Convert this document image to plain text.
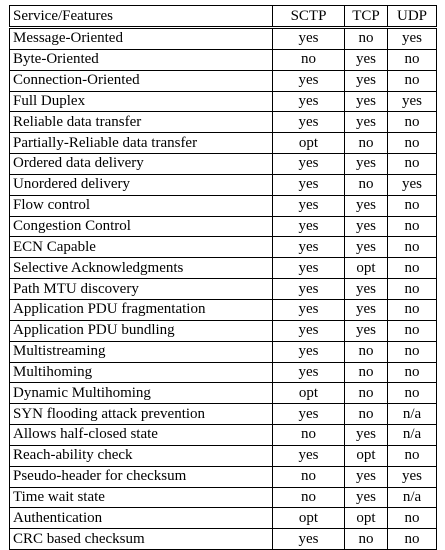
Service/Features	SCTP	TCP	UDP
Message-Oriented	yes	no	yes
Byte-Oriented	no	yes	no
Connection-Oriented	yes	yes	no
Full Duplex	yes	yes	yes
Reliable data transfer	yes	yes	no
Partially-Reliable data transfer	opt	no	no
Ordered data delivery	yes	yes	no
Unordered delivery	yes	no	yes
Flow control	yes	yes	no
Congestion Control	yes	yes	no
ECN Capable	yes	yes	no
Selective Acknowledgments	yes	opt	no
Path MTU discovery	yes	yes	no
Application PDU fragmentation	yes	yes	no
Application PDU bundling	yes	yes	no
Multistreaming	yes	no	no
Multihoming	yes	no	no
Dynamic Multihoming	opt	no	no
SYN flooding attack prevention	yes	no	n/a
Allows half-closed state	no	yes	n/a
Reach-ability check	yes	opt	no
Pseudo-header for checksum	no	yes	yes
Time wait state	no	yes	n/a
Authentication	opt	opt	no
CRC based checksum	yes	no	no
